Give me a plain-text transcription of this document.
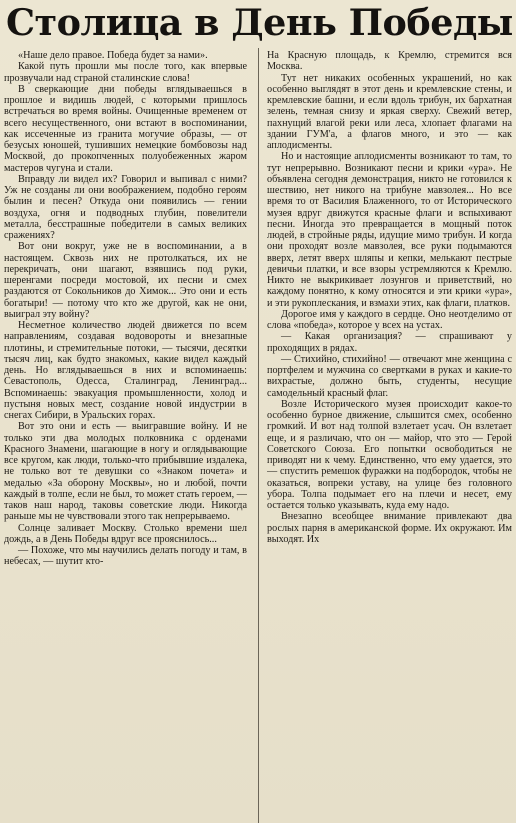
Столица в День Победы

«Наше дело правое. Победа будет за нами».

Какой путь прошли мы после того, как впервые прозвучали над страной сталинские слова!

В сверкающие дни победы вглядываешься в прошлое и видишь людей, с которыми пришлось встречаться во время войны. Очищенные временем от всего несущественного, они встают в воспоминании, как иссеченные из гранита могучие образы, — от безусых юношей, тушивших немецкие бомбовозы над Москвой, до прокопченных полуобеженных жаром мастеров чугуна и стали.

Вправду ли видел их? Говорил и выпивал с ними? Уж не созданы ли они воображением, подобно героям былин и песен? Откуда они появились — гении воздуха, огня и подводных глубин, повелители металла, бесстрашные победители в самых великих сражениях?

Вот они вокруг, уже не в воспоминании, а в настоящем. Сквозь них не протолкаться, их не перекричать, они шагают, взявшись под руки, шеренгами посреди мостовой, их песни и смех раздаются от Сокольников до Химок... Это они и есть богатыри! — потому что кто же другой, как не они, выиграл эту войну?

Несметное количество людей движется по всем направлениям, создавая водовороты и внезапные плотины, и стремительные потоки, — тысячи, десятки тысяч лиц, как будто знакомых, какие видел каждый день. Но вглядываешься в них и вспоминаешь: Севастополь, Одесса, Сталинград, Ленинград... Вспоминаешь: эвакуация промышленности, холод и пустыня новых мест, создание новой индустрии в снегах Сибири, в Уральских горах.

Вот это они и есть — выигравшие войну. И не только эти два молодых полковника с орденами Красного Знамени, шагающие в ногу и оглядывающие все кругом, как люди, только-что прибывшие издалека, не только вот те девушки со «Знаком почета» и медалью «За оборону Москвы», но и любой, почти каждый в толпе, если не был, то может стать героем, — таков наш народ, таковы советские люди. Никогда раньше мы не чувствовали этого так непрерываемо.

Солнце заливает Москву. Столько времени шел дождь, а в День Победы вдруг все прояснилось...

— Похоже, что мы научились делать погоду и там, в небесах, — шутит кто-

На Красную площадь, к Кремлю, стремится вся Москва.

Тут нет никаких особенных украшений, но как особенно выглядят в этот день и кремлевские стены, и кремлевские башни, и если вдоль трибун, их бархатная зелень, темная снизу и яркая сверху. Свежий ветер, пахнущий влагой реки или леса, хлопает флагами на здании ГУМ'а, а флагов много, и это — как аплодисменты.

Но и настоящие аплодисменты возникают то там, то тут непрерывно. Возникают песни и крики «ура». Не объявлена сегодня демонстрация, никто не готовился к шествию, нет никого на трибуне мавзолея... Но все время то от Василия Блаженного, то от Исторического музея вдруг движутся красные флаги и вспыхивают песни. Иногда это превращается в мощный поток людей, в стройные ряды, идущие мимо трибун. И когда они проходят возле мавзолея, все руки подымаются вверх, летят вверх шляпы и кепки, мелькают пестрые девичьи платки, и все взоры устремляются к Кремлю. Никто не выкрикивает лозунгов и приветствий, но каждому понятно, к кому относятся и эти крики «ура», и эти рукоплескания, и взмахи этих, как флаги, платков.

Дорогое имя у каждого в сердце. Оно неотделимо от слова «победа», которое у всех на устах.

— Какая организация? — спрашивают у проходящих в рядах.

— Стихийно, стихийно! — отвечают мне женщина с портфелем и мужчина со свертками в руках и какие-то вихрастые, должно быть, студенты, несущие самодельный красный флаг.

Возле Исторического музея происходит какое-то особенно бурное движение, слышится смех, особенно громкий. И вот над толпой взлетает усач. Он взлетает еще, и я различаю, что он — майор, что это — Герой Советского Союза. Его попытки освободиться не приводят ни к чему. Единственно, что ему удается, это — спустить ремешок фуражки на подбородок, чтобы не оказаться, вопреки уставу, на улице без головного убора. Толпа подымает его на плечи и несет, ему остается только указывать, куда ему надо.

Внезапно всеобщее внимание привлекают два рослых парня в американской форме. Их окружают. Им выходят. Их
